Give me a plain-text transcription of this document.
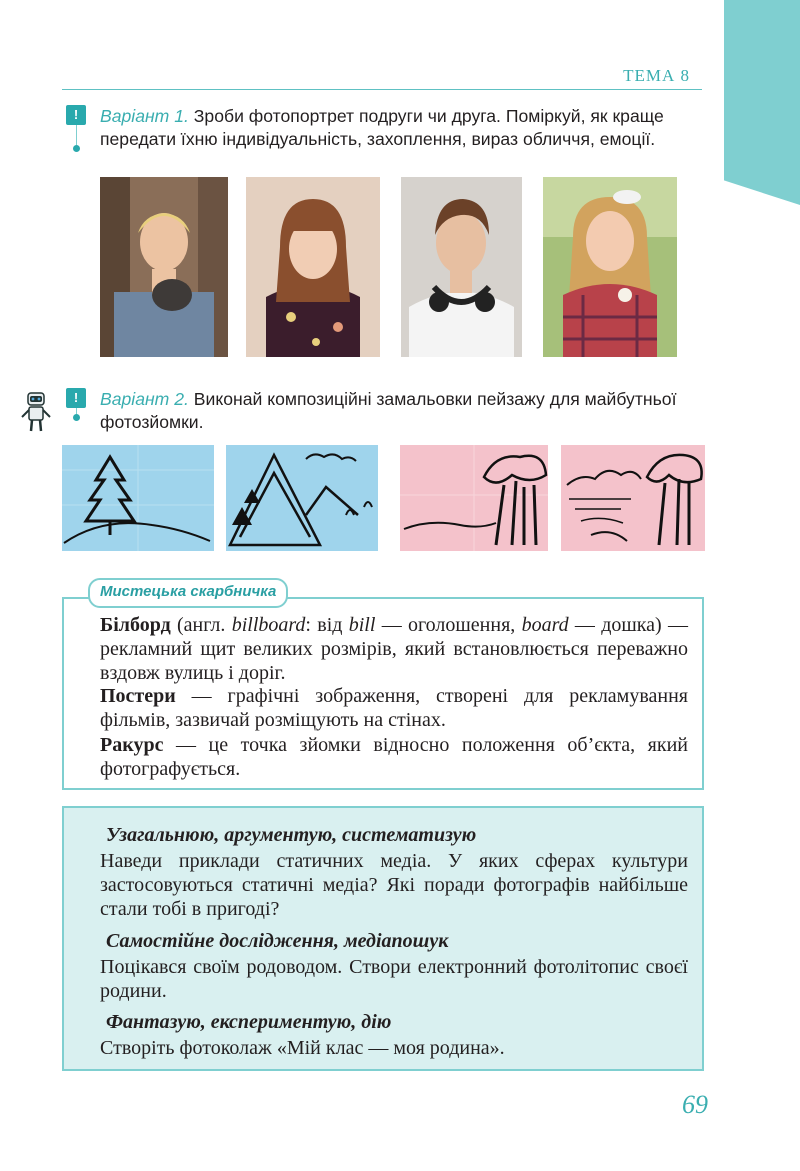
ТЕМА 8
ǃ	Варіант 1. Зроби фотопортрет подруги чи друга. Поміркуй, як краще передати їхню індивідуальність, захоплення, вираз обличчя, емоції.
ǃ	Варіант 2. Виконай композиційні замальовки пейзажу для майбутньої фотозйомки.
Мистецька скарбничка
Білборд (англ. billboard: від bill — оголошення, board — дошка) — рекламний щит великих розмірів, який встановлюється переважно вздовж вулиць і доріг.
Постери — графічні зображення, створені для рекламування фільмів, зазвичай розміщують на стінах.
Ракурс — це точка зйомки відносно положення об’єкта, який фотографується.
Узагальнюю, аргументую, систематизую
Наведи приклади статичних медіа. У яких сферах культури застосовуються статичні медіа? Які поради фотографів найбільше стали тобі в пригоді?
Самостійне дослідження, медіапошук
Поцікався своїм родоводом. Створи електронний фотолітопис своєї родини.
Фантазую, експериментую, дію
Створіть фотоколаж «Мій клас — моя родина».
69
